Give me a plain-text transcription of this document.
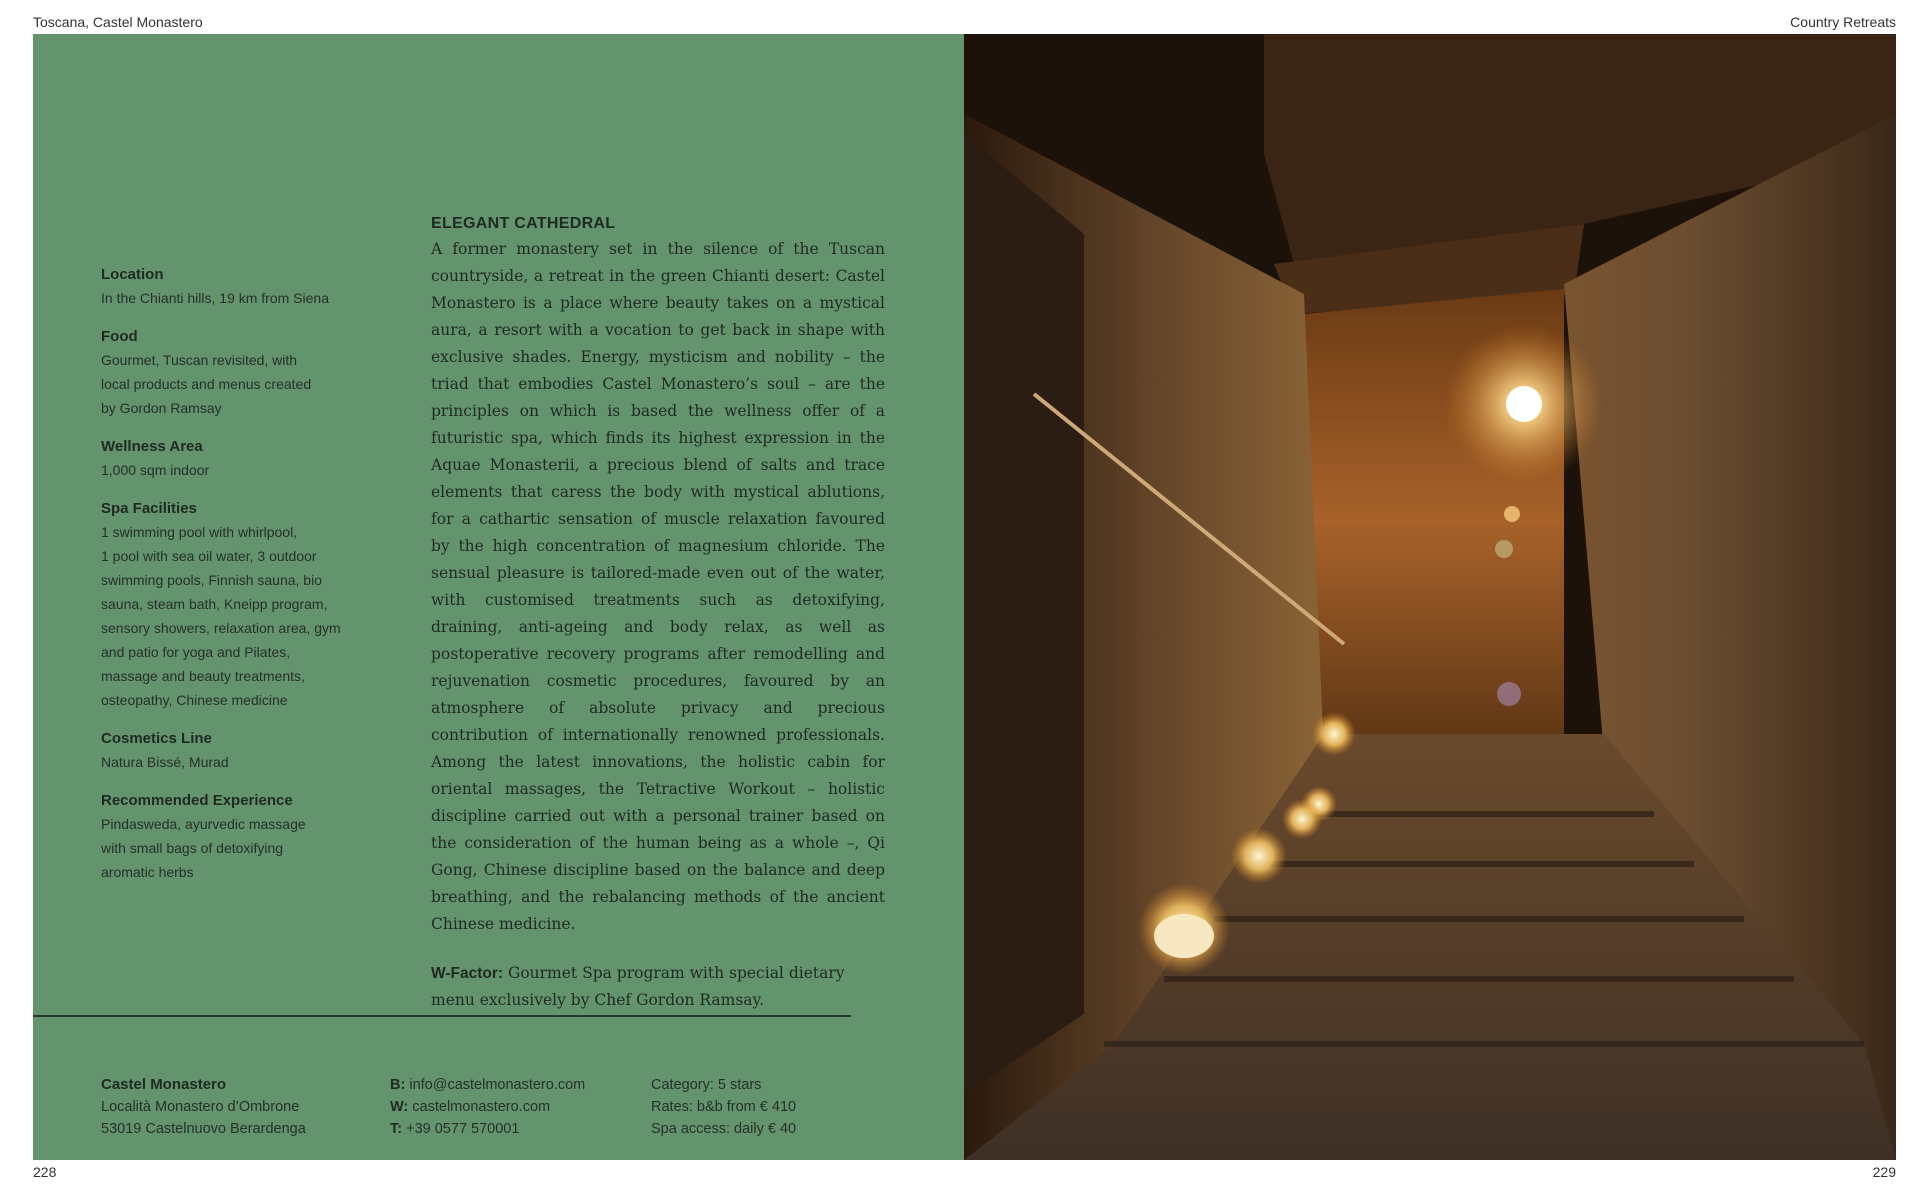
Toscana, Castel Monastero	Country Retreats
Location
In the Chianti hills, 19 km from Siena
Food
Gourmet, Tuscan revisited, with
local products and menus created
by Gordon Ramsay
Wellness Area
1,000 sqm indoor
Spa Facilities
1 swimming pool with whirlpool,
1 pool with sea oil water, 3 outdoor
swimming pools, Finnish sauna, bio
sauna, steam bath, Kneipp program,
sensory showers, relaxation area, gym
and patio for yoga and Pilates,
massage and beauty treatments,
osteopathy, Chinese medicine
Cosmetics Line
Natura Bissé, Murad
Recommended Experience
Pindasweda, ayurvedic massage
with small bags of detoxifying
aromatic herbs
ELEGANT CATHEDRAL

A former monastery set in the silence of the Tuscan countryside, a retreat in the green Chianti desert: Castel Monastero is a place where beauty takes on a mystical aura, a resort with a vocation to get back in shape with exclusive shades. Energy, mysticism and nobility – the triad that embodies Castel Monastero’s soul – are the principles on which is based the wellness offer of a futuristic spa, which finds its highest expression in the Aquae Monasterii, a precious blend of salts and trace elements that caress the body with mystical ablutions, for a cathartic sensation of muscle relaxation favoured by the high concentration of magnesium chloride. The sensual pleasure is tailored-made even out of the water, with customised treatments such as detoxifying, draining, anti-ageing and body relax, as well as postoperative recovery programs after remodelling and rejuvenation cosmetic procedures, favoured by an atmosphere of absolute privacy and precious contribution of internationally renowned professionals. Among the latest innovations, the holistic cabin for oriental massages, the Tetractive Workout – holistic discipline carried out with a personal trainer based on the consideration of the human being as a whole –, Qi Gong, Chinese discipline based on the balance and deep breathing, and the rebalancing methods of the ancient Chinese medicine.

W-Factor: Gourmet Spa program with special dietary menu exclusively by Chef Gordon Ramsay.
Castel Monastero
Località Monastero d’Ombrone
53019 Castelnuovo Berardenga
B: info@castelmonastero.com
W: castelmonastero.com
T: +39 0577 570001
Category: 5 stars
Rates: b&b from € 410
Spa access: daily € 40
228	229
